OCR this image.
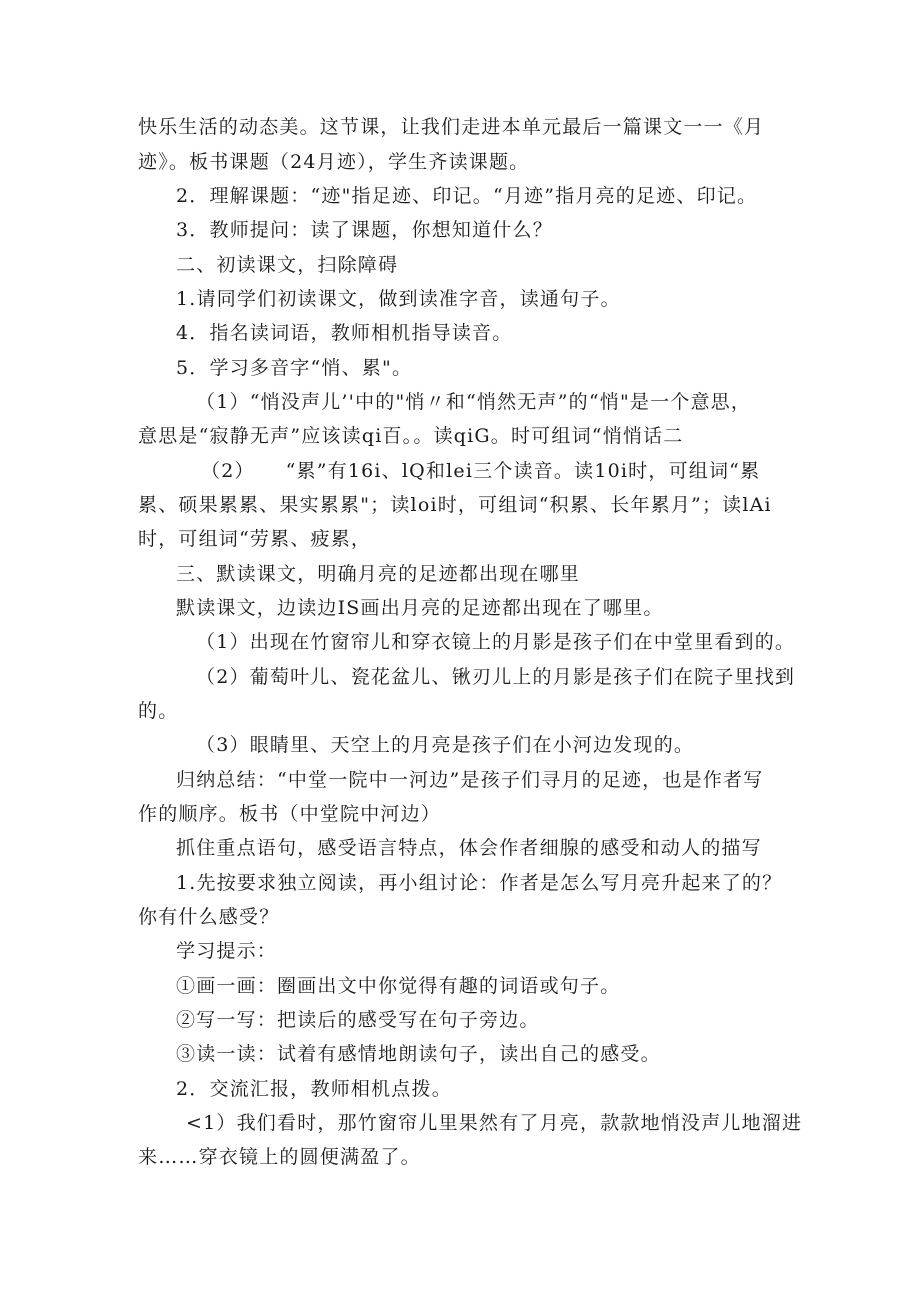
快乐生活的动态美。这节课，让我们走进本单元最后一篇课文一一《月

迹》。板书课题（24月迹），学生齐读课题。

2．理解课题：“迹"指足迹、印记。“月迹”指月亮的足迹、印记。

3．教师提问：读了课题，你想知道什么？

二、初读课文，扫除障碍

1.请同学们初读课文，做到读准字音，读通句子。

4．指名读词语，教师相机指导读音。

5．学习多音字“悄、累"。

（1）“悄没声儿’'中的"悄〃和“悄然无声”的“悄"是一个意思，

意思是“寂静无声”应该读qi百。。读qiG。时可组词“悄悄话二

（2）　　“累”有16i、lQ和lei三个读音。读10i时，可组词“累

累、硕果累累、果实累累"；读loi时，可组词“积累、长年累月”；读lAi

时，可组词“劳累、疲累，

三、默读课文，明确月亮的足迹都出现在哪里

默读课文，边读边IS画出月亮的足迹都出现在了哪里。

（1）出现在竹窗帘儿和穿衣镜上的月影是孩子们在中堂里看到的。

（2）葡萄叶儿、瓷花盆儿、锹刃儿上的月影是孩子们在院子里找到

的。

（3）眼睛里、天空上的月亮是孩子们在小河边发现的。

归纳总结：“中堂一院中一河边”是孩子们寻月的足迹，也是作者写

作的顺序。板书（中堂院中河边）

抓住重点语句，感受语言特点，体会作者细腺的感受和动人的描写

1.先按要求独立阅读，再小组讨论：作者是怎么写月亮升起来了的？

你有什么感受？

学习提示：

①画一画：圈画出文中你觉得有趣的词语或句子。

②写一写：把读后的感受写在句子旁边。

③读一读：试着有感情地朗读句子，读出自己的感受。

2．交流汇报，教师相机点拨。

<1）我们看时，那竹窗帘儿里果然有了月亮，款款地悄没声儿地溜进

来……穿衣镜上的圆便满盈了。
